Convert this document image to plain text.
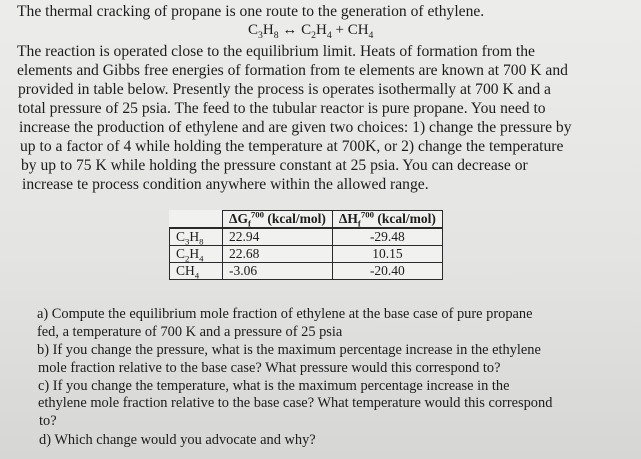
The thermal cracking of propane is one route to the generation of ethylene.
$C_3H_8$ ↔ $C_2H_4 + CH_4$
The reaction is operated close to the equilibrium limit. Heats of formation from the
elements and Gibbs free energies of formation from te elements are known at 700 K and
provided in table below. Presently the process is operates isothermally at 700 K and a
total pressure of 25 psia. The feed to the tubular reactor is pure propane. You need to
increase the production of ethylene and are given two choices: 1) change the pressure by
up to a factor of 4 while holding the temperature at 700K, or 2) change the temperature
by up to 75 K while holding the pressure constant at 25 psia. You can decrease or
increase te process condition anywhere within the allowed range.
	$\Delta G_f^{700}$ (kcal/mol)	$\Delta H_f^{700}$ (kcal/mol)
$C_3H_8$	22.94	-29.48
$C_2H_4$	22.68	10.15
$CH_4$	-3.06	-20.40
a) Compute the equilibrium mole fraction of ethylene at the base case of pure propane
fed, a temperature of 700 K and a pressure of 25 psia
b) If you change the pressure, what is the maximum percentage increase in the ethylene
mole fraction relative to the base case? What pressure would this correspond to?
c) If you change the temperature, what is the maximum percentage increase in the
ethylene mole fraction relative to the base case? What temperature would this correspond
to?
d) Which change would you advocate and why?
